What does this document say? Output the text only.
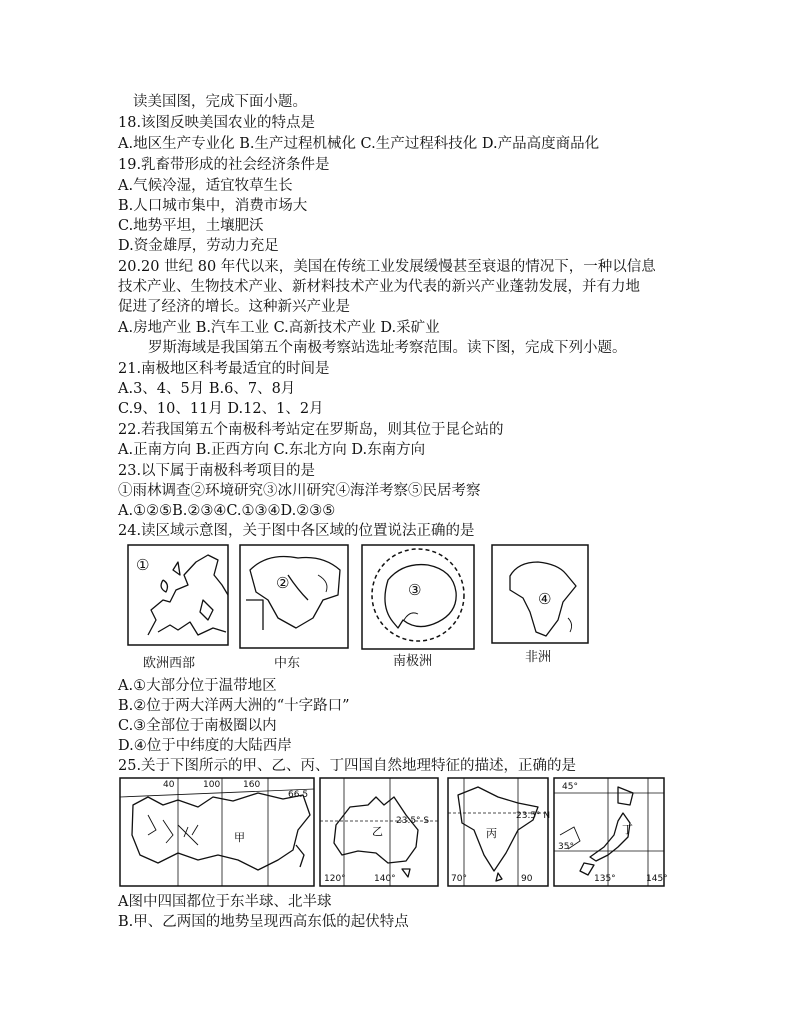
读美国图，完成下面小题。
18.该图反映美国农业的特点是
A.地区生产专业化 B.生产过程机械化 C.生产过程科技化 D.产品高度商品化
19.乳畜带形成的社会经济条件是
A.气候冷湿，适宜牧草生长
B.人口城市集中，消费市场大
C.地势平坦，土壤肥沃
D.资金雄厚，劳动力充足
20.20 世纪 80 年代以来，美国在传统工业发展缓慢甚至衰退的情况下，一种以信息
技术产业、生物技术产业、新材料技术产业为代表的新兴产业蓬勃发展，并有力地
促进了经济的增长。这种新兴产业是
A.房地产业 B.汽车工业 C.高新技术产业 D.采矿业
罗斯海域是我国第五个南极考察站选址考察范围。读下图，完成下列小题。
21.南极地区科考最适宜的时间是
A.3、4、5月 B.6、7、8月
C.9、10、11月 D.12、1、2月
22.若我国第五个南极科考站定在罗斯岛，则其位于昆仑站的
A.正南方向 B.正西方向 C.东北方向 D.东南方向
23.以下属于南极科考项目的是
①雨林调查②环境研究③冰川研究④海洋考察⑤民居考察
A.①②⑤B.②③④C.①③④D.②③⑤
24.读区域示意图，关于图中各区域的位置说法正确的是
①
②	③	④
欧洲西部	中东	南极洲	非洲
A.①大部分位于温带地区
B.②位于两大洋两大洲的“十字路口”
C.③全部位于南极圈以内
D.④位于中纬度的大陆西岸
25.关于下图所示的甲、乙、丙、丁四国自然地理特征的描述，正确的是
40	100	160
66.5
甲	乙
23.5° S
120°	140°
丙
23.5° N
70°	90
丁
45°
35°
135°	145°
A图中四国都位于东半球、北半球
B.甲、乙两国的地势呈现西高东低的起伏特点
